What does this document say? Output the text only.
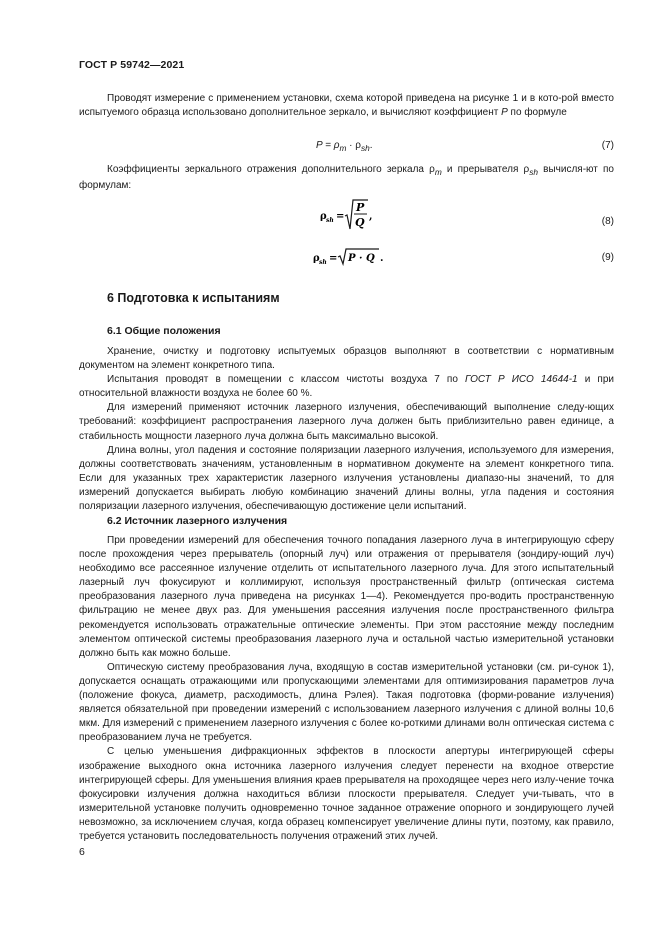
ГОСТ Р 59742—2021

Проводят измерение с применением установки, схема которой приведена на рисунке 1 и в кото-рой вместо испытуемого образца использовано дополнительное зеркало, и вычисляют коэффициент P по формуле

$P = \rho_m \cdot \rho_{sh}$.	(7)

Коэффициенты зеркального отражения дополнительного зеркала $\rho_m$ и прерывателя $\rho_{sh}$ вычисля-ют по формулам:

ρ sh =
P
Q ,	(8)
ρ sh = P · Q .	(9)
6 Подготовка к испытаниям
6.1 Общие положения

Хранение, очистку и подготовку испытуемых образцов выполняют в соответствии с нормативным документом на элемент конкретного типа.

Испытания проводят в помещении с классом чистоты воздуха 7 по ГОСТ Р ИСО 14644-1 и при относительной влажности воздуха не более 60 %.

Для измерений применяют источник лазерного излучения, обеспечивающий выполнение следу-ющих требований: коэффициент распространения лазерного луча должен быть приблизительно равен единице, а стабильность мощности лазерного луча должна быть максимально высокой.

Длина волны, угол падения и состояние поляризации лазерного излучения, используемого для измерения, должны соответствовать значениям, установленным в нормативном документе на элемент конкретного типа. Если для указанных трех характеристик лазерного излучения установлены диапазо-ны значений, то для измерений допускается выбирать любую комбинацию значений длины волны, угла падения и состояния поляризации лазерного излучения, обеспечивающую достижение цели испытаний.

6.2 Источник лазерного излучения

При проведении измерений для обеспечения точного попадания лазерного луча в интегрирующую сферу после прохождения через прерыватель (опорный луч) или отражения от прерывателя (зондиру-ющий луч) необходимо все рассеянное излучение отделить от испытательного лазерного луча. Для этого испытательный лазерный луч фокусируют и коллимируют, используя пространственный фильтр (оптическая система преобразования лазерного луча приведена на рисунках 1—4). Рекомендуется про-водить пространственную фильтрацию не менее двух раз. Для уменьшения рассеяния излучения после пространственного фильтра рекомендуется использовать отражательные оптические элементы. При этом расстояние между последним элементом оптической системы преобразования лазерного луча и остальной частью измерительной установки должно быть как можно больше.

Оптическую систему преобразования луча, входящую в состав измерительной установки (см. ри-сунок 1), допускается оснащать отражающими или пропускающими элементами для оптимизирования параметров луча (положение фокуса, диаметр, расходимость, длина Рэлея). Такая подготовка (форми-рование излучения) является обязательной при проведении измерений с использованием лазерного излучения с длиной волны 10,6 мкм. Для измерений с применением лазерного излучения с более ко-роткими длинами волн оптическая система с преобразованием луча не требуется.

С целью уменьшения дифракционных эффектов в плоскости апертуры интегрирующей сферы изображение выходного окна источника лазерного излучения следует перенести на входное отверстие интегрирующей сферы. Для уменьшения влияния краев прерывателя на проходящее через него излу-чение точка фокусировки излучения должна находиться вблизи плоскости прерывателя. Следует учи-тывать, что в измерительной установке получить одновременно точное заданное отражение опорного и зондирующего лучей невозможно, за исключением случая, когда образец компенсирует увеличение длины пути, поэтому, как правило, требуется установить последовательность получения отражений этих лучей.

6
